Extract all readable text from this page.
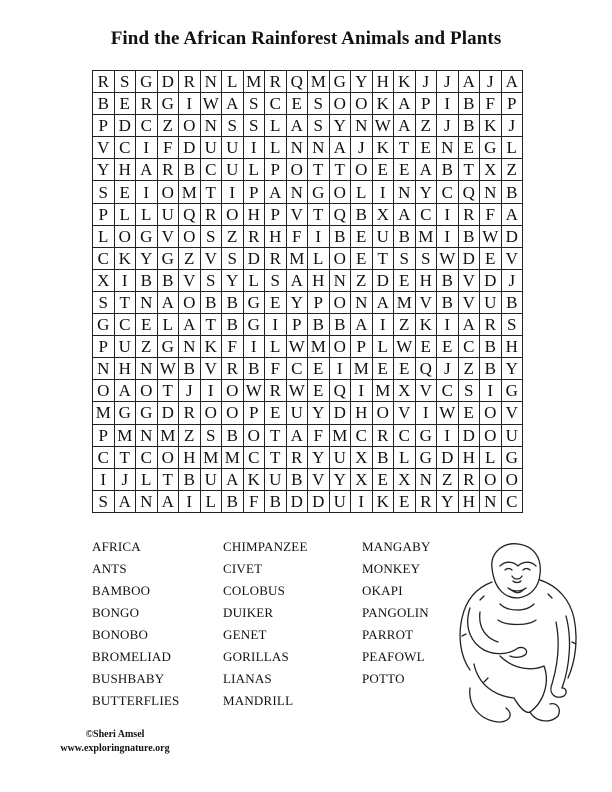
Find the African Rainforest Animals and Plants
R	S	G	D	R	N	L	M	R	Q	M	G	Y	H	K	J	J	A	J	A
B	E	R	G	I	W	A	S	C	E	S	O	O	K	A	P	I	B	F	P
P	D	C	Z	O	N	S	S	L	A	S	Y	N	W	A	Z	J	B	K	J
V	C	I	F	D	U	U	I	L	N	N	A	J	K	T	E	N	E	G	L
Y	H	A	R	B	C	U	L	P	O	T	T	O	E	E	A	B	T	X	Z
S	E	I	O	M	T	I	P	A	N	G	O	L	I	N	Y	C	Q	N	B
P	L	L	U	Q	R	O	H	P	V	T	Q	B	X	A	C	I	R	F	A
L	O	G	V	O	S	Z	R	H	F	I	B	E	U	B	M	I	B	W	D
C	K	Y	G	Z	V	S	D	R	M	L	O	E	T	S	S	W	D	E	V
X	I	B	B	V	S	Y	L	S	A	H	N	Z	D	E	H	B	V	D	J
S	T	N	A	O	B	B	G	E	Y	P	O	N	A	M	V	B	V	U	B
G	C	E	L	A	T	B	G	I	P	B	B	A	I	Z	K	I	A	R	S
P	U	Z	G	N	K	F	I	L	W	M	O	P	L	W	E	E	C	B	H
N	H	N	W	B	V	R	B	F	C	E	I	M	E	E	Q	J	Z	B	Y
O	A	O	T	J	I	O	W	R	W	E	Q	I	M	X	V	C	S	I	G
M	G	G	D	R	O	O	P	E	U	Y	D	H	O	V	I	W	E	O	V
P	M	N	M	Z	S	B	O	T	A	F	M	C	R	C	G	I	D	O	U
C	T	C	O	H	M	M	C	T	R	Y	U	X	B	L	G	D	H	L	G
I	J	L	T	B	U	A	K	U	B	V	Y	X	E	X	N	Z	R	O	O
S	A	N	A	I	L	B	F	B	D	D	U	I	K	E	R	Y	H	N	C
AFRICA
ANTS
BAMBOO
BONGO
BONOBO
BROMELIAD
BUSHBABY
BUTTERFLIES
CHIMPANZEE
CIVET
COLOBUS
DUIKER
GENET
GORILLAS
LIANAS
MANDRILL
MANGABY
MONKEY
OKAPI
PANGOLIN
PARROT
PEAFOWL
POTTO
©Sheri Amsel
www.exploringnature.org
